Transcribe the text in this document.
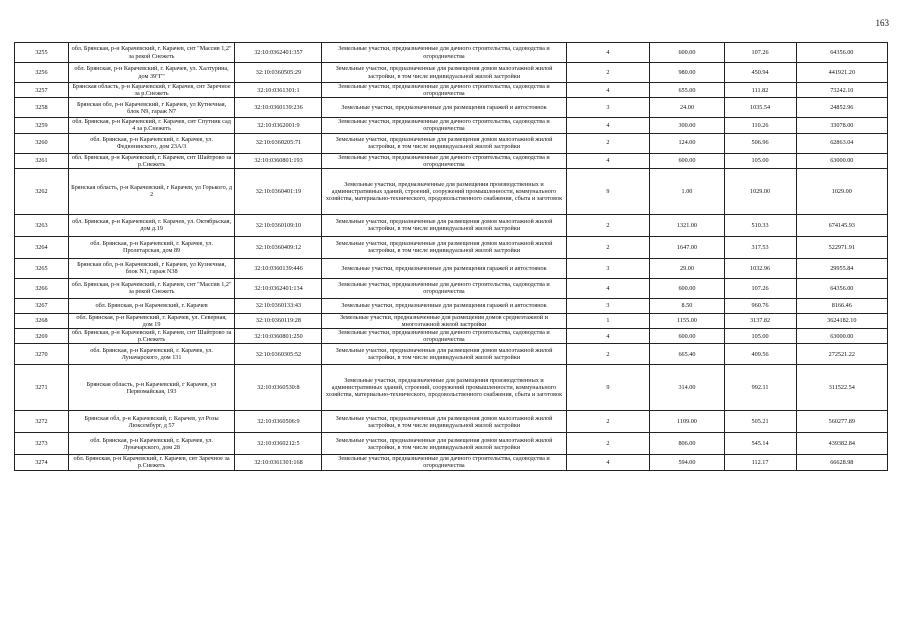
163
3255	обл. Брянская, р-н Карачевский, г. Карачев, снт "Массив 1,2" за рекой Снежеть	32:10:0362401:357	Земельные участки, предназначенные для дачного строительства, садоводства и огородничества	4	600.00	107.26	64356.00
3256	обл. Брянская, р-н Карачевский, г. Карачев, ул. Халтурина, дом 39"Г"	32:10:0360505:29	Земельные участки, предназначенные для размещения домов малоэтажной жилой застройки, в том числе индивидуальной жилой застройки	2	980.00	450.94	441921.20
3257	Брянская область, р-н Карачевский, г Карачев, снт Заречное за р.Снежеть	32:10:0361301:1	Земельные участки, предназначенные для дачного строительства, садоводства и огородничества	4	655.00	111.82	73242.10
3258	Брянская обл, р-н Карачевский, г Карачев, ул Кутнечная, блок N9, гараж N7	32:10:0360139:236	Земельные участки, предназначенные для размещения гаражей и автостоянок	3	24.00	1035.54	24852.96
3259	обл. Брянская, р-н Карачевский, г. Карачев, снт Спутник сад 4 за р.Снежеть	32:10:0362001:9	Земельные участки, предназначенные для дачного строительства, садоводства и огородничества	4	300.00	110.26	33078.00
3260	обл. Брянская, р-н Карачевский, г. Карачев, ул. Федюнинского, дом 23А/3	32:10:0360205:71	Земельные участки, предназначенные для размещения домов малоэтажной жилой застройки, в том числе индивидуальной жилой застройки	2	124.00	506.96	62863.04
3261	обл. Брянская, р-н Карачевский, г. Карачев, снт Шайтрово за р.Снежеть	32:10:0360801:193	Земельные участки, предназначенные для дачного строительства, садоводства и огородничества	4	600.00	105.00	63000.00
3262	Брянская область, р-н Карачевский, г Карачев, ул Горького, д 2	32:10:0360401:19	Земельные участки, предназначенные для размещения производственных и административных зданий, строений, сооружений промышленности, коммунального хозяйства, материально-технического, продовольственного снабжения, сбыта и заготовок	9	1.00	1029.00	1029.00
3263	обл. Брянская, р-н Карачевский, г. Карачев, ул. Октябрьская, дом д.19	32:10:0360109:10	Земельные участки, предназначенные для размещения домов малоэтажной жилой застройки, в том числе индивидуальной жилой застройки	2	1321.00	510.33	674145.93
3264	обл. Брянская, р-н Карачевский, г. Карачев, ул. Пролетарская, дом 89	32:10:0360409:12	Земельные участки, предназначенные для размещения домов малоэтажной жилой застройки, в том числе индивидуальной жилой застройки	2	1647.00	317.53	522971.91
3265	Брянская обл, р-н Карачевский, г Карачев, ул Кузнечная, блок N1, гараж N38	32:10:0360139:446	Земельные участки, предназначенные для размещения гаражей и автостоянок	3	29.00	1032.96	29955.84
3266	обл. Брянская, р-н Карачевский, г. Карачев, снт "Массив 1,2" за рекой Снежеть	32:10:0362401:134	Земельные участки, предназначенные для дачного строительства, садоводства и огородничества	4	600.00	107.26	64356.00
3267	обл. Брянская, р-н Карачевский, г. Карачев	32:10:0360133:43	Земельные участки, предназначенные для размещения гаражей и автостоянок	3	8.50	960.76	8166.46
3268	обл. Брянская, р-н Карачевский, г. Карачев, ул. Северная, дом 19	32:10:0360119:28	Земельные участки, предназначенные для размещения домов среднеэтажной и многоэтажной жилой застройки	1	1155.00	3137.82	3624182.10
3269	обл. Брянская, р-н Карачевский, г. Карачев, снт Шайтрово за р.Снежеть	32:10:0360801:250	Земельные участки, предназначенные для дачного строительства, садоводства и огородничества	4	600.00	105.00	63000.00
3270	обл. Брянская, р-н Карачевский, г. Карачев, ул. Луначарского, дом 131	32:10:0360305:52	Земельные участки, предназначенные для размещения домов малоэтажной жилой застройки, в том числе индивидуальной жилой застройки	2	665.40	409.56	272521.22
3271	Брянская область, р-н Карачевский, г Карачев, ул Первомайская, 193	32:10:0360530:8	Земельные участки, предназначенные для размещения производственных и административных зданий, строений, сооружений промышленности, коммунального хозяйства, материально-технического, продовольственного снабжения, сбыта и заготовок	9	314.00	992.11	311522.54
3272	Брянская обл, р-н Карачевский, г. Карачев, ул Розы Люксембург, д 57	32:10:0360506:9	Земельные участки, предназначенные для размещения домов малоэтажной жилой застройки, в том числе индивидуальной жилой застройки	2	1109.00	505.21	560277.89
3273	обл. Брянская, р-н Карачевский, г. Карачев, ул. Луначарского, дом 28	32:10:0360212:5	Земельные участки, предназначенные для размещения домов малоэтажной жилой застройки, в том числе индивидуальной жилой застройки	2	806.00	545.14	439382.84
3274	обл. Брянская, р-н Карачевский, г. Карачев, снт Заречное за р.Снежеть	32:10:0361301:168	Земельные участки, предназначенные для дачного строительства, садоводства и огородничества	4	594.00	112.17	66628.98
